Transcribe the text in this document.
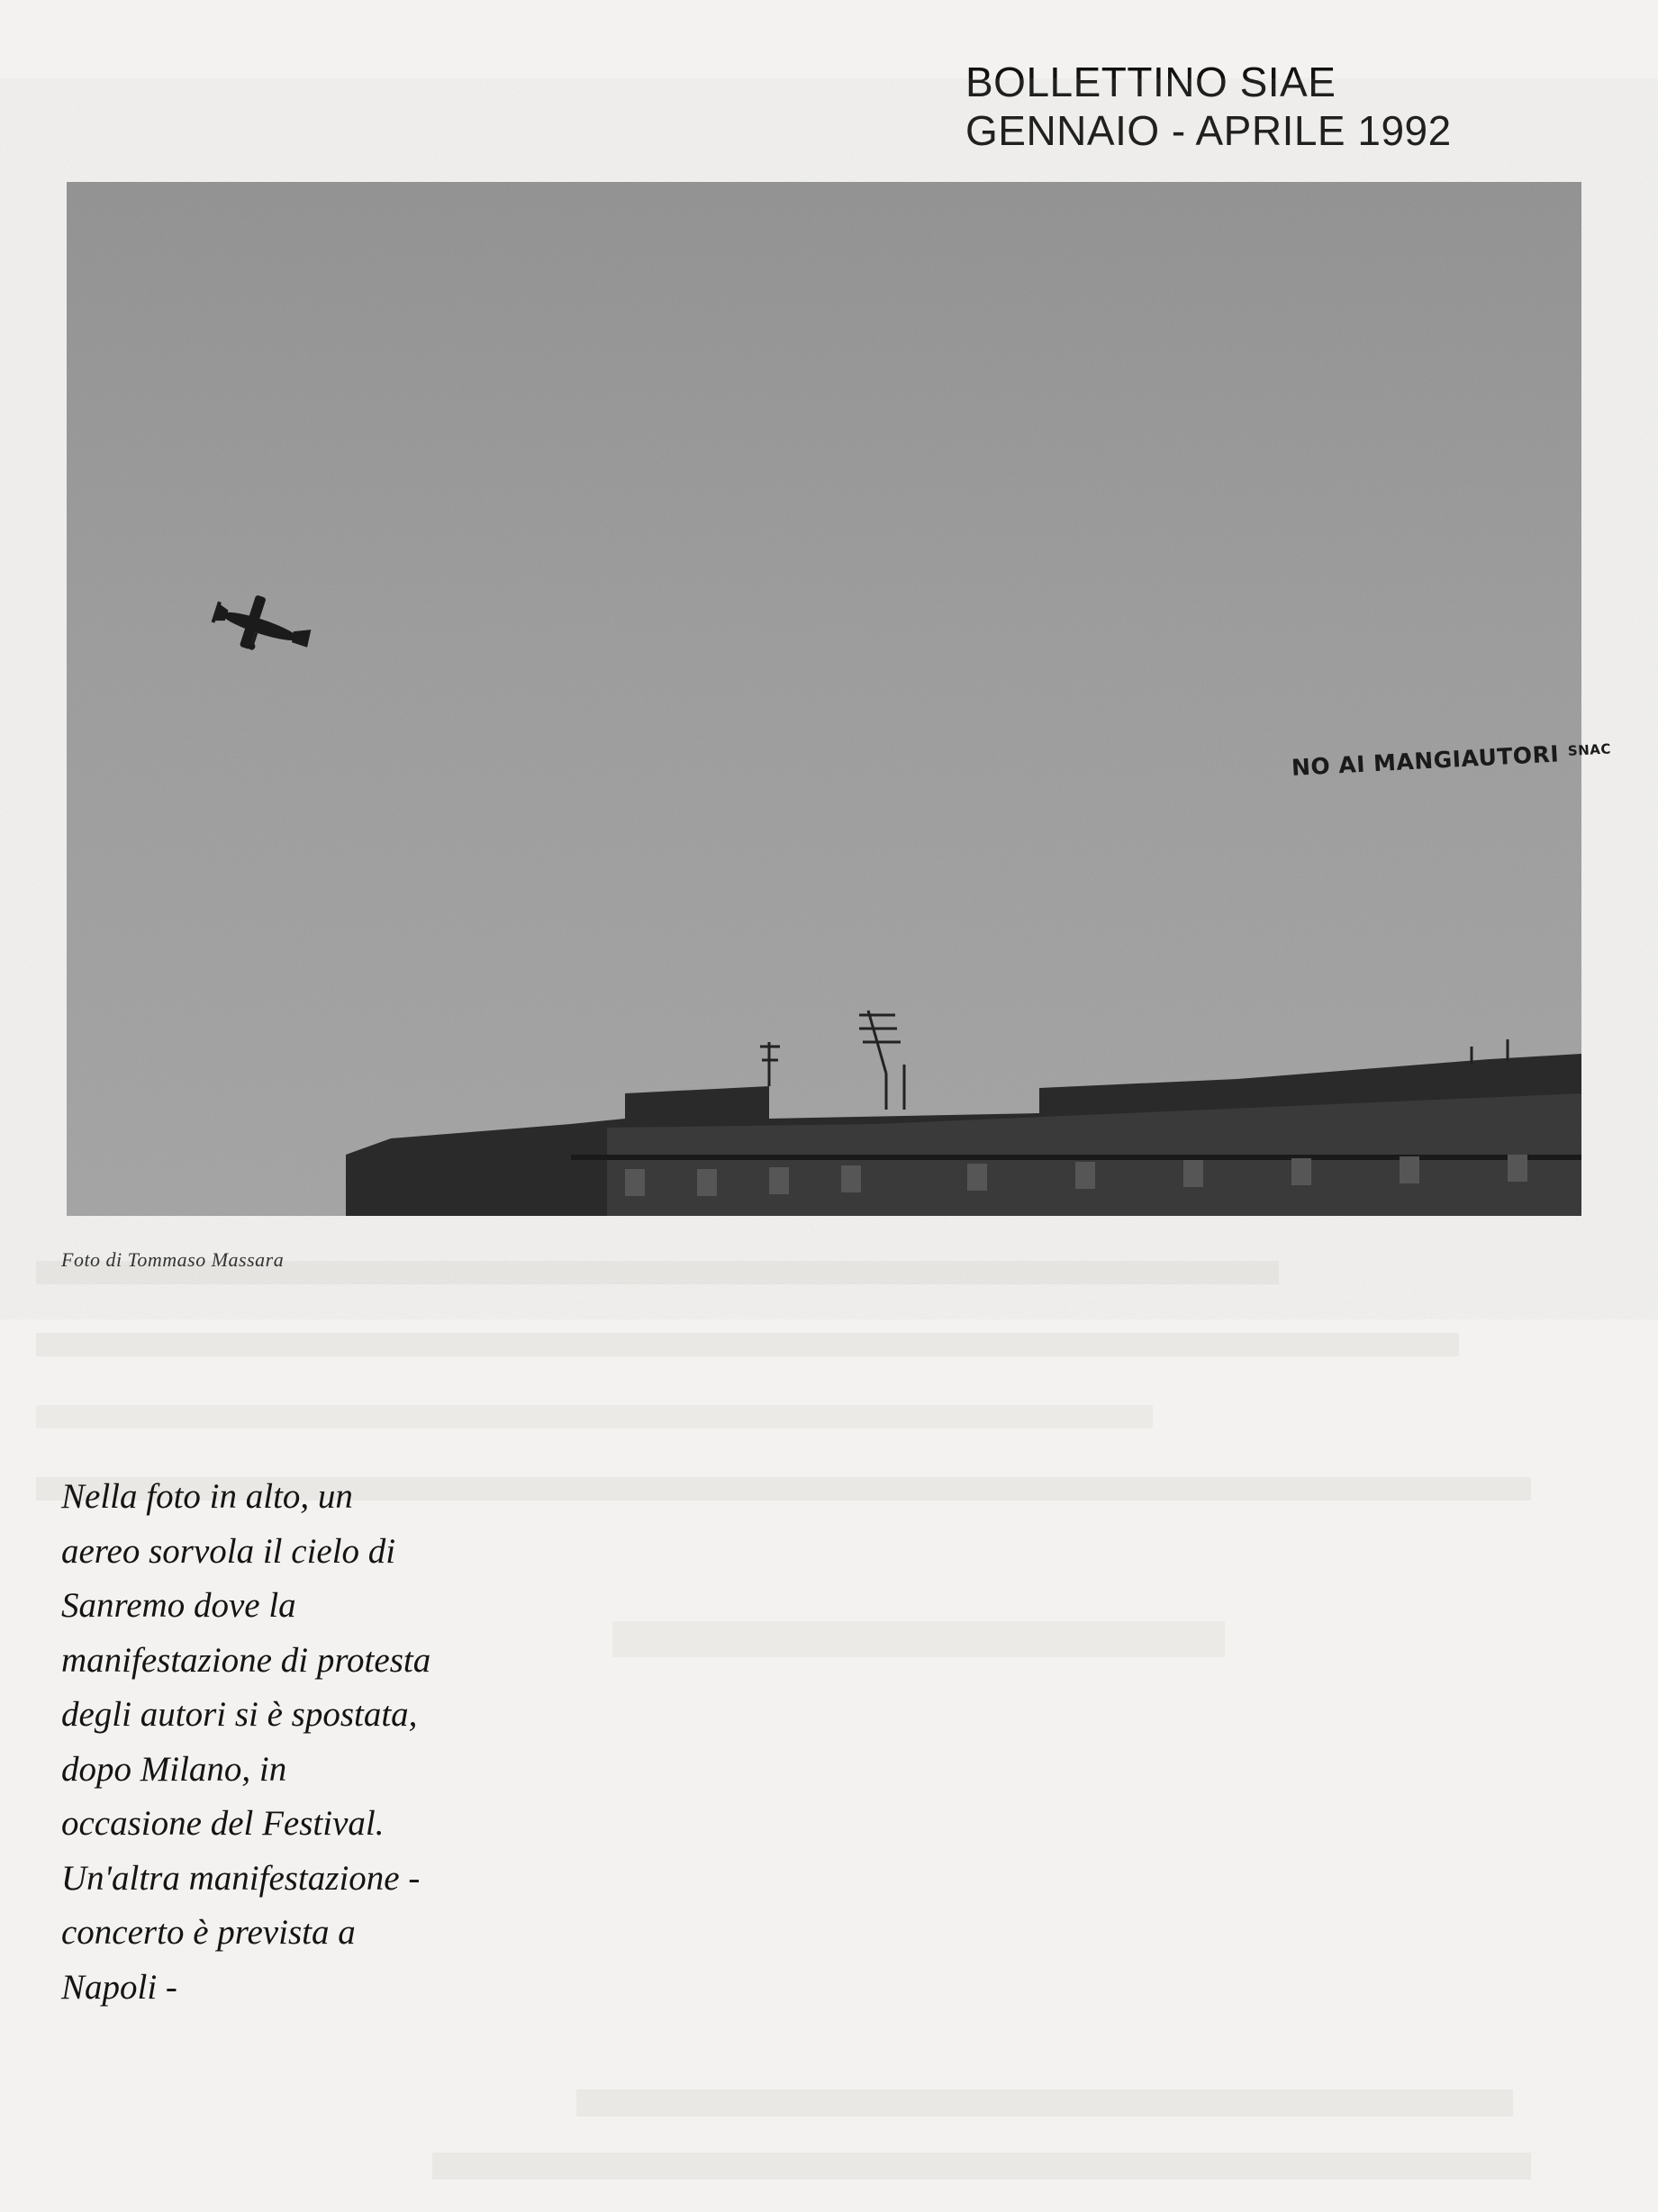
BOLLETTINO SIAE
GENNAIO - APRILE 1992
NO AI MANGIAUTORI $^{SNAC}$
Foto di Tommaso Massara
Nella foto in alto, un
aereo sorvola il cielo di
Sanremo dove la
manifestazione di protesta
degli autori si è spostata,
dopo Milano, in
occasione del Festival.
Un'altra manifestazione -
concerto è prevista a
Napoli -
